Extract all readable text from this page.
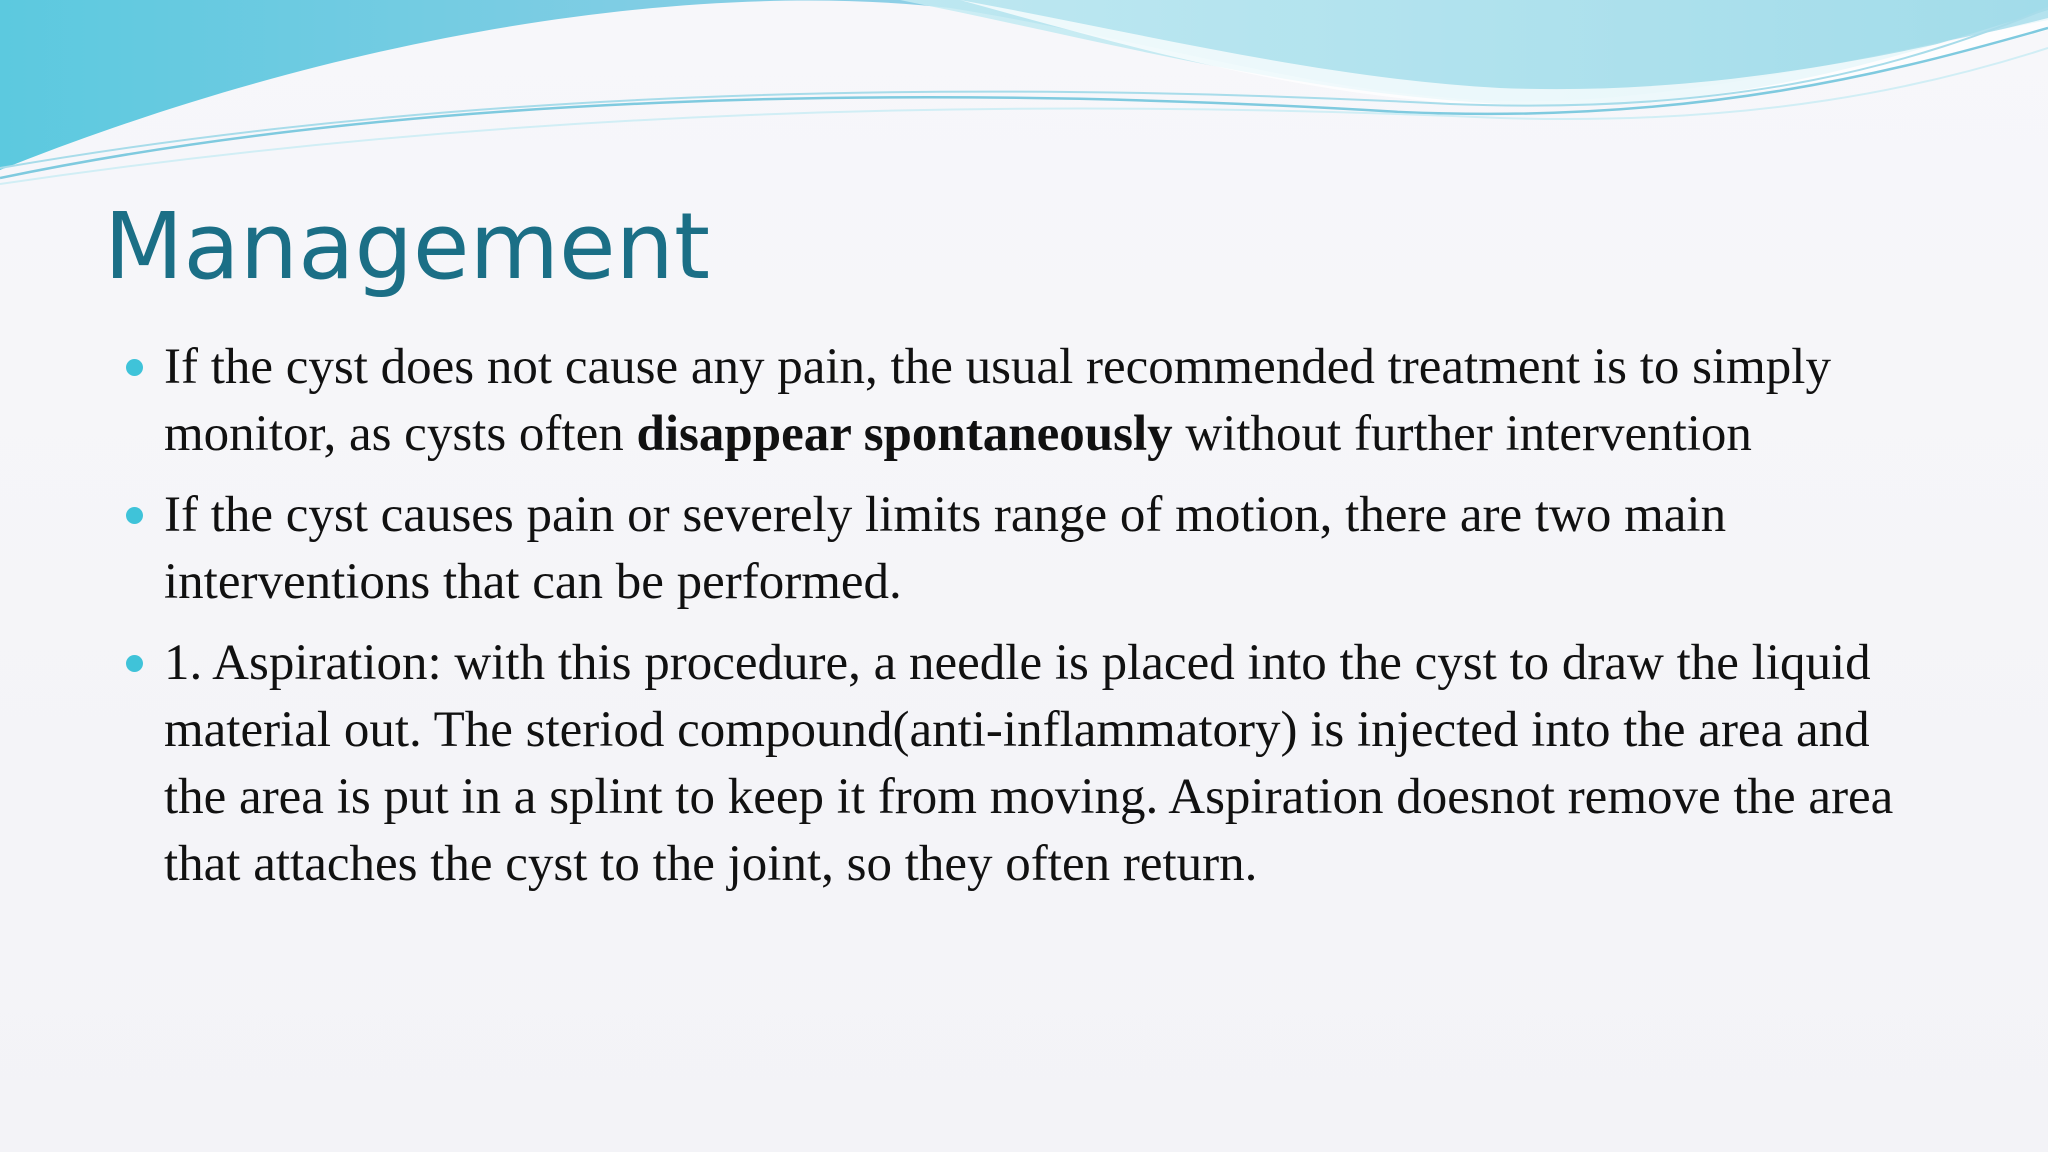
Management
If the cyst does not cause any pain, the usual recommended treatment is to simply monitor, as cysts often disappear spontaneously without further intervention
If the cyst causes pain or severely limits range of motion, there are two main interventions that can be performed.
1. Aspiration: with this procedure, a needle is placed into the cyst to draw the liquid material out. The steriod compound(anti-inflammatory) is injected into the area and the area is put in a splint to keep it from moving. Aspiration doesnot remove the area that attaches the cyst to the joint, so they often return.
